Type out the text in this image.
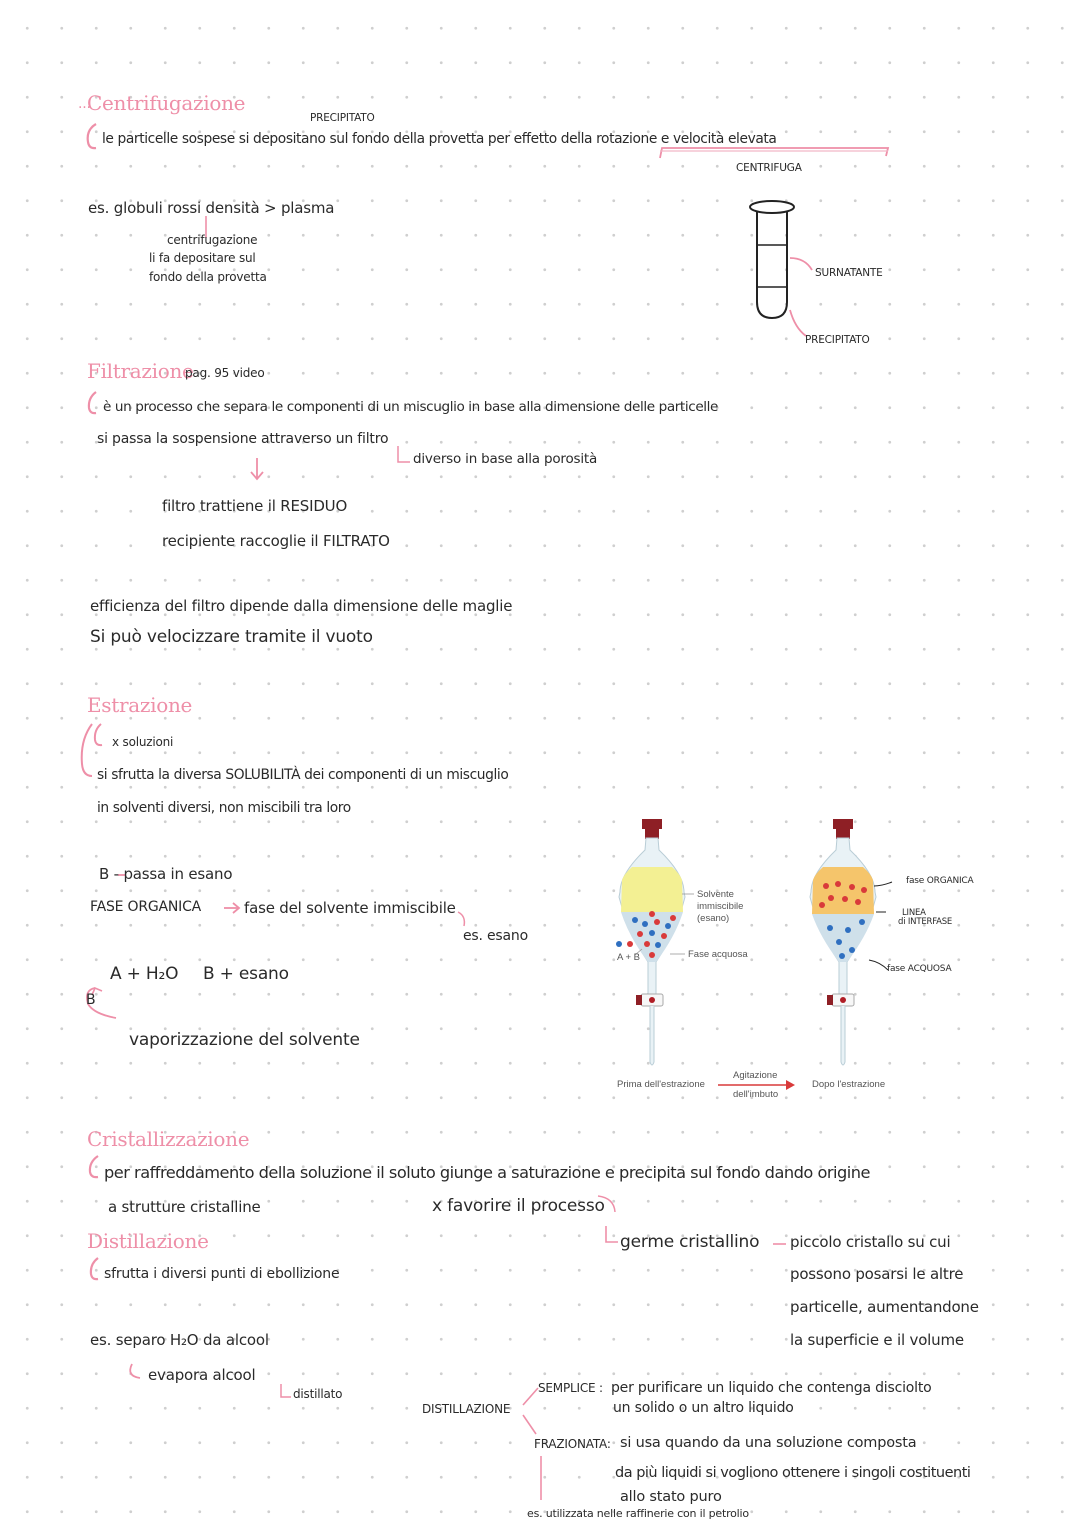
B
...
Centrifugazione
PRECIPITATO
le particelle sospese si depositano sul fondo della provetta per effetto della rotazione e velocità elevata
CENTRIFUGA
es. globuli rossi densità > plasma
centrifugazione
li fa depositare sul
fondo della provetta	SURNATANTE
PRECIPITATO
Filtrazione
pag. 95 video
è un processo che separa le componenti di un miscuglio in base alla dimensione delle particelle
si passa la sospensione attraverso un filtro
diverso in base alla porosità
filtro trattiene il RESIDUO
recipiente raccoglie il FILTRATO
efficienza del filtro dipende dalla dimensione delle maglie
Si può velocizzare tramite il vuoto
Estrazione
x soluzioni
si sfrutta la diversa SOLUBILITÀ dei componenti di un miscuglio
in solventi diversi, non miscibili tra loro
B - passa in esano
FASE ORGANICA	fase del solvente immiscibile
es. esano
A + H₂O B + esano
vaporizzazione del solvente
Solvente
immiscibile
(esano)
A + B	Fase acquosa
Prima dell'estrazione
Agitazione
dell'imbuto
Dopo l'estrazione
fase ORGANICA
LINEA
di INTERFASE
fase ACQUOSA
Cristallizzazione
per raffreddamento della soluzione il soluto giunge a saturazione e precipita sul fondo dando origine
a strutture cristalline	x favorire il processo
germe cristallino piccolo cristallo su cui
possono posarsi le altre
particelle, aumentandone
la superficie e il volume
Distillazione
sfrutta i diversi punti di ebollizione
es. separo H₂O da alcool
evapora alcool
distillato
DISTILLAZIONE
SEMPLICE : per purificare un liquido che contenga disciolto
un solido o un altro liquido
FRAZIONATA: si usa quando da una soluzione composta
da più liquidi si vogliono ottenere i singoli costituenti
allo stato puro
es. utilizzata nelle raffinerie con il petrolio
